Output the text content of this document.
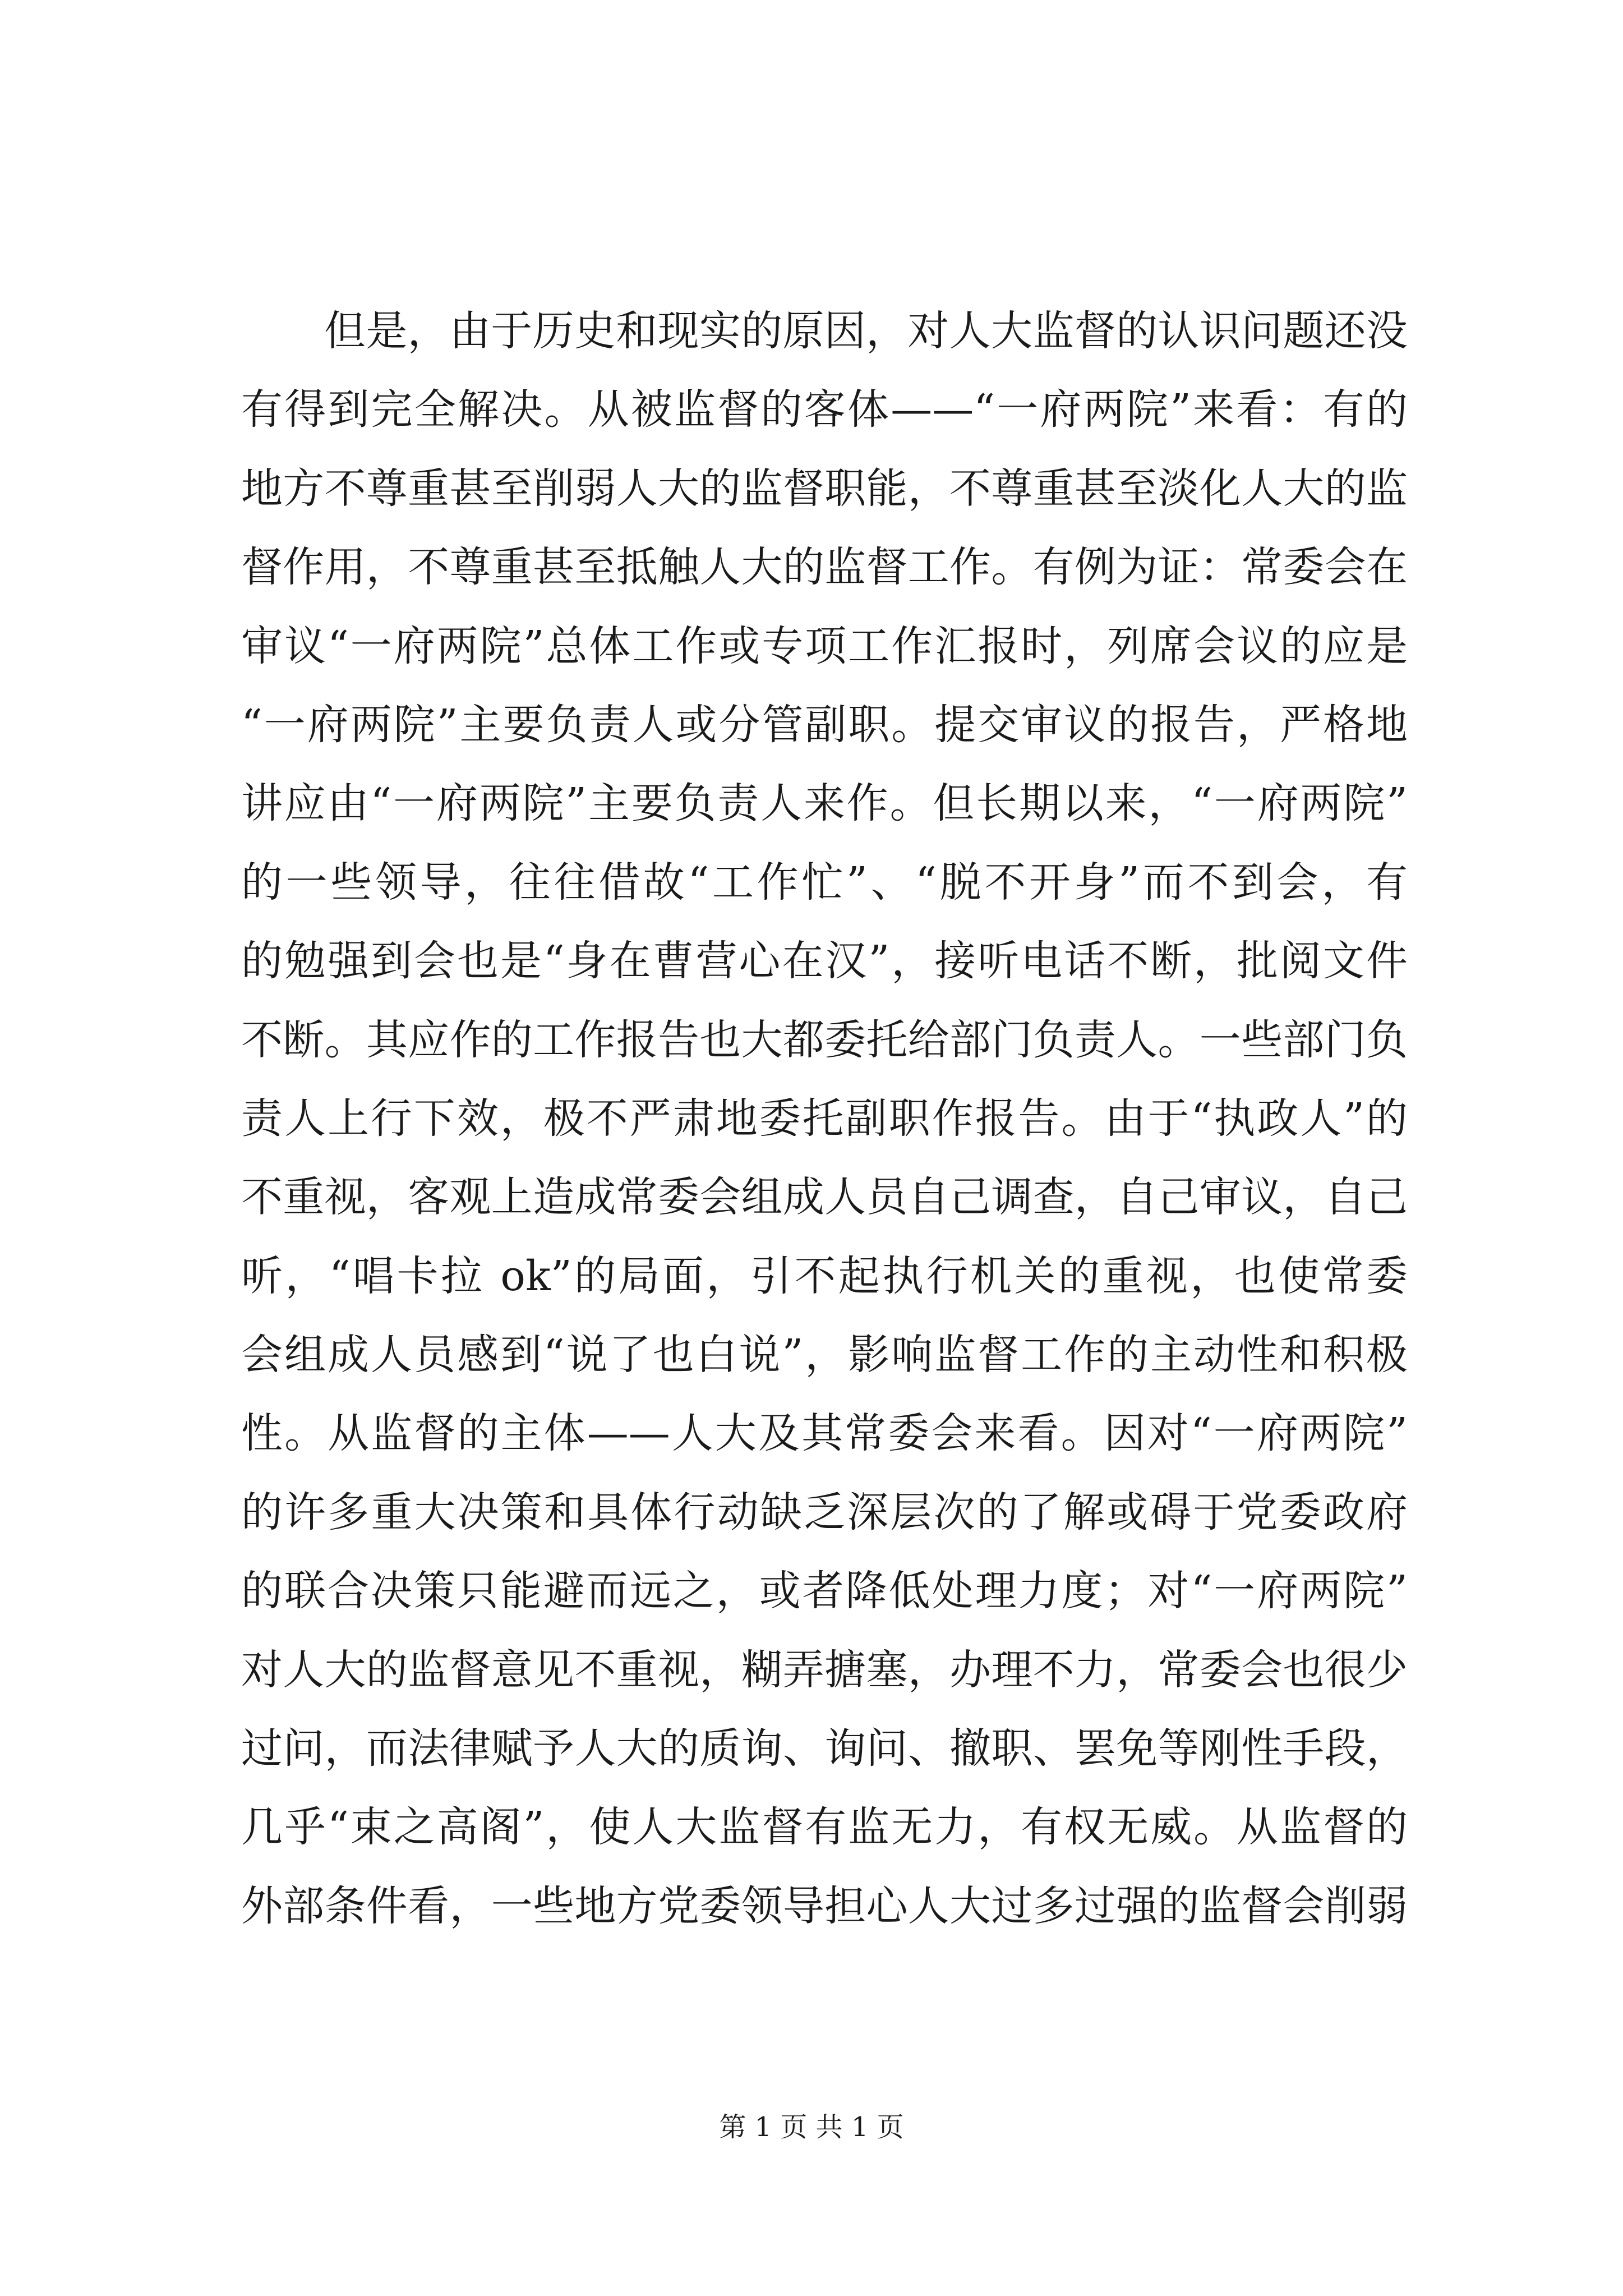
但是，由于历史和现实的原因，对人大监督的认识问题还没
有得到完全解决。从被监督的客体——“一府两院”来看：有的
地方不尊重甚至削弱人大的监督职能，不尊重甚至淡化人大的监
督作用，不尊重甚至抵触人大的监督工作。有例为证：常委会在
审议“一府两院”总体工作或专项工作汇报时，列席会议的应是
“一府两院”主要负责人或分管副职。提交审议的报告，严格地
讲应由“一府两院”主要负责人来作。但长期以来，“一府两院”
的一些领导，往往借故“工作忙”、“脱不开身”而不到会，有
的勉强到会也是“身在曹营心在汉”，接听电话不断，批阅文件
不断。其应作的工作报告也大都委托给部门负责人。一些部门负
责人上行下效，极不严肃地委托副职作报告。由于“执政人”的
不重视，客观上造成常委会组成人员自己调查，自己审议，自己
听，“唱卡拉 ok”的局面，引不起执行机关的重视，也使常委
会组成人员感到“说了也白说”，影响监督工作的主动性和积极
性。从监督的主体——人大及其常委会来看。因对“一府两院”
的许多重大决策和具体行动缺乏深层次的了解或碍于党委政府
的联合决策只能避而远之，或者降低处理力度；对“一府两院”
对人大的监督意见不重视，糊弄搪塞，办理不力，常委会也很少
过问，而法律赋予人大的质询、询问、撤职、罢免等刚性手段，
几乎“束之高阁”，使人大监督有监无力，有权无威。从监督的
外部条件看，一些地方党委领导担心人大过多过强的监督会削弱
第 1 页 共 1 页
